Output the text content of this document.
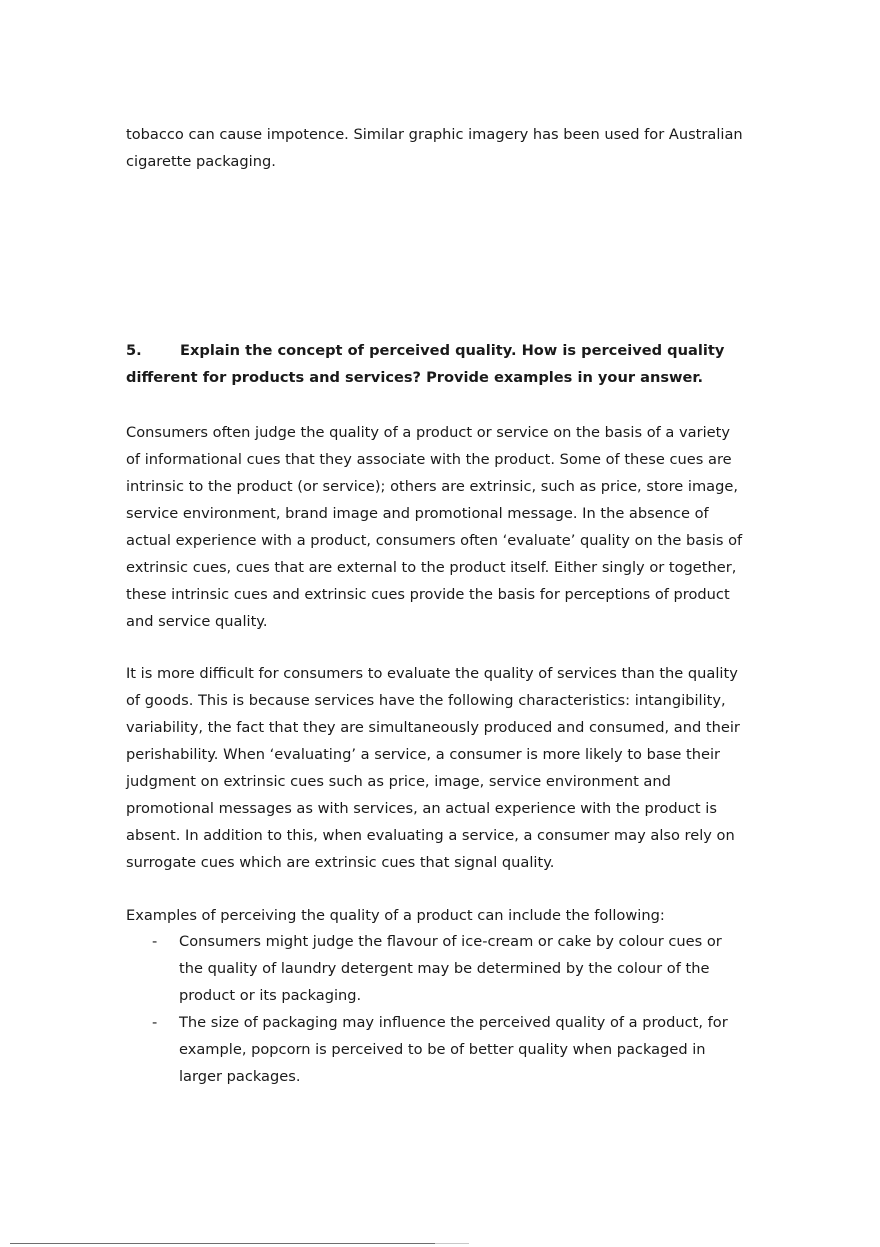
tobacco can cause impotence. Similar graphic imagery has been used for Australian
cigarette packaging.

5.	Explain the concept of perceived quality. How is perceived quality
different for products and services? Provide examples in your answer.

Consumers often judge the quality of a product or service on the basis of a variety
of informational cues that they associate with the product. Some of these cues are
intrinsic to the product (or service); others are extrinsic, such as price, store image,
service environment, brand image and promotional message. In the absence of
actual experience with a product, consumers often ‘evaluate’ quality on the basis of
extrinsic cues, cues that are external to the product itself. Either singly or together,
these intrinsic cues and extrinsic cues provide the basis for perceptions of product
and service quality.

It is more difficult for consumers to evaluate the quality of services than the quality
of goods. This is because services have the following characteristics: intangibility,
variability, the fact that they are simultaneously produced and consumed, and their
perishability. When ‘evaluating’ a service, a consumer is more likely to base their
judgment on extrinsic cues such as price, image, service environment and
promotional messages as with services, an actual experience with the product is
absent. In addition to this, when evaluating a service, a consumer may also rely on
surrogate cues which are extrinsic cues that signal quality.

Examples of perceiving the quality of a product can include the following:

- Consumers might judge the flavour of ice-cream or cake by colour cues or
the quality of laundry detergent may be determined by the colour of the
product or its packaging.
- The size of packaging may influence the perceived quality of a product, for
example, popcorn is perceived to be of better quality when packaged in
larger packages.
